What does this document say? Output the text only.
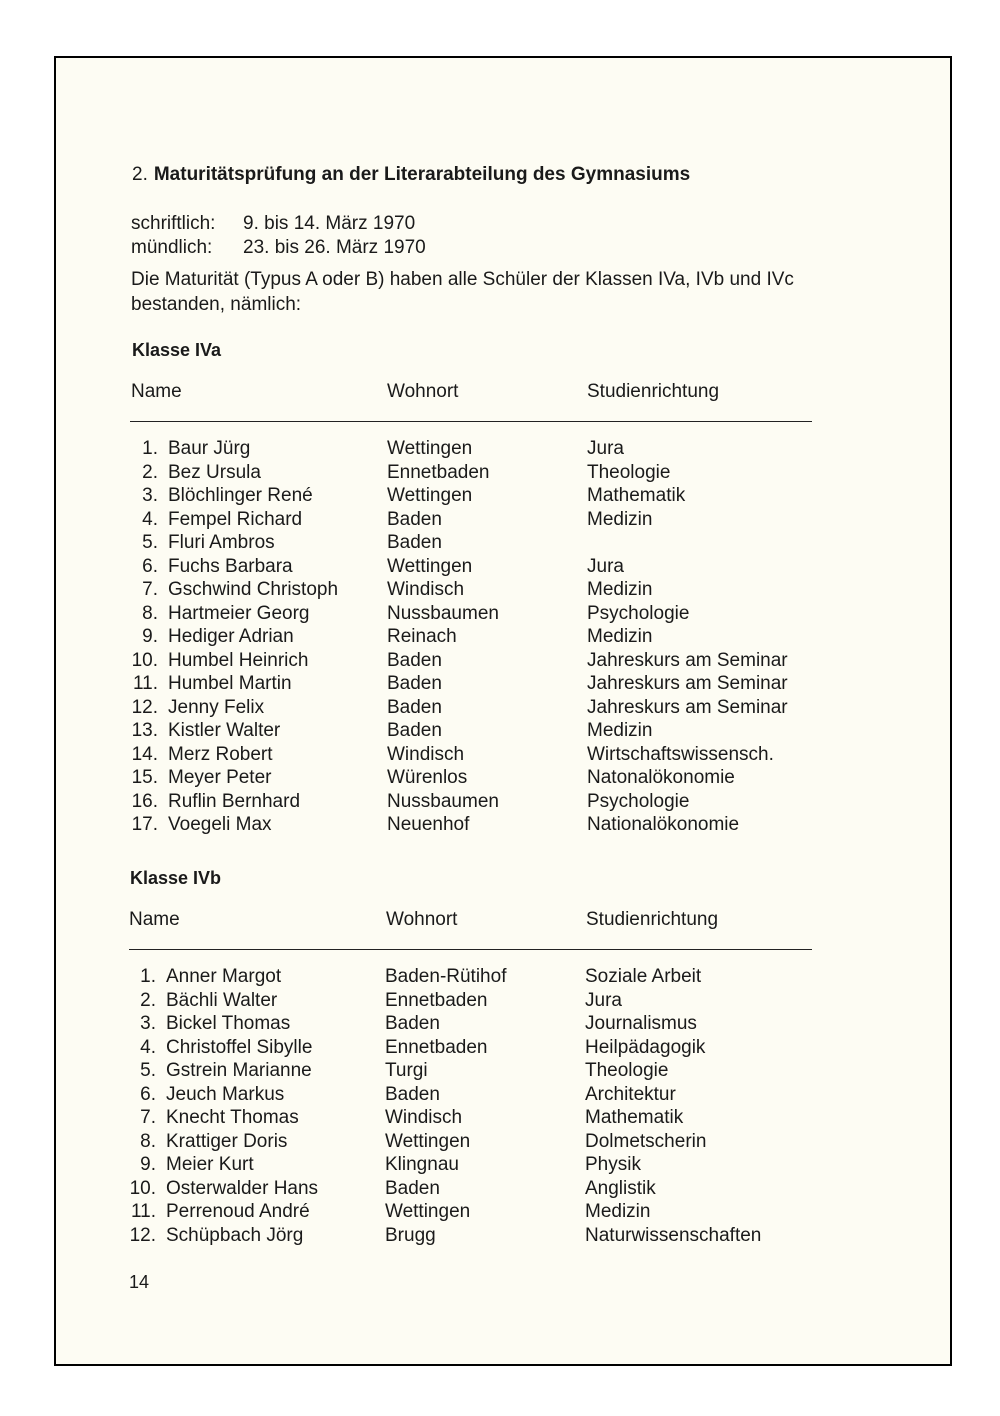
2. Maturitätsprüfung an der Literarabteilung des Gymnasiums
schriftlich: 9. bis 14. März 1970
mündlich: 23. bis 26. März 1970
Die Maturität (Typus A oder B) haben alle Schüler der Klassen IVa, IVb und IVc bestanden, nämlich:
Klasse IVa
Name	Wohnort	Studienrichtung
1. Baur Jürg	Wettingen	Jura
2. Bez Ursula	Ennetbaden	Theologie
3. Blöchlinger René	Wettingen	Mathematik
4. Fempel Richard	Baden	Medizin
5. Fluri Ambros	Baden
6. Fuchs Barbara	Wettingen	Jura
7. Gschwind Christoph	Windisch	Medizin
8. Hartmeier Georg	Nussbaumen	Psychologie
9. Hediger Adrian	Reinach	Medizin
10. Humbel Heinrich	Baden	Jahreskurs am Seminar
11. Humbel Martin	Baden	Jahreskurs am Seminar
12. Jenny Felix	Baden	Jahreskurs am Seminar
13. Kistler Walter	Baden	Medizin
14. Merz Robert	Windisch	Wirtschaftswissensch.
15. Meyer Peter	Würenlos	Natonalökonomie
16. Ruflin Bernhard	Nussbaumen	Psychologie
17. Voegeli Max	Neuenhof	Nationalökonomie
Klasse IVb
Name	Wohnort	Studienrichtung
1. Anner Margot	Baden-Rütihof	Soziale Arbeit
2. Bächli Walter	Ennetbaden	Jura
3. Bickel Thomas	Baden	Journalismus
4. Christoffel Sibylle	Ennetbaden	Heilpädagogik
5. Gstrein Marianne	Turgi	Theologie
6. Jeuch Markus	Baden	Architektur
7. Knecht Thomas	Windisch	Mathematik
8. Krattiger Doris	Wettingen	Dolmetscherin
9. Meier Kurt	Klingnau	Physik
10. Osterwalder Hans	Baden	Anglistik
11. Perrenoud André	Wettingen	Medizin
12. Schüpbach Jörg	Brugg	Naturwissenschaften
14
